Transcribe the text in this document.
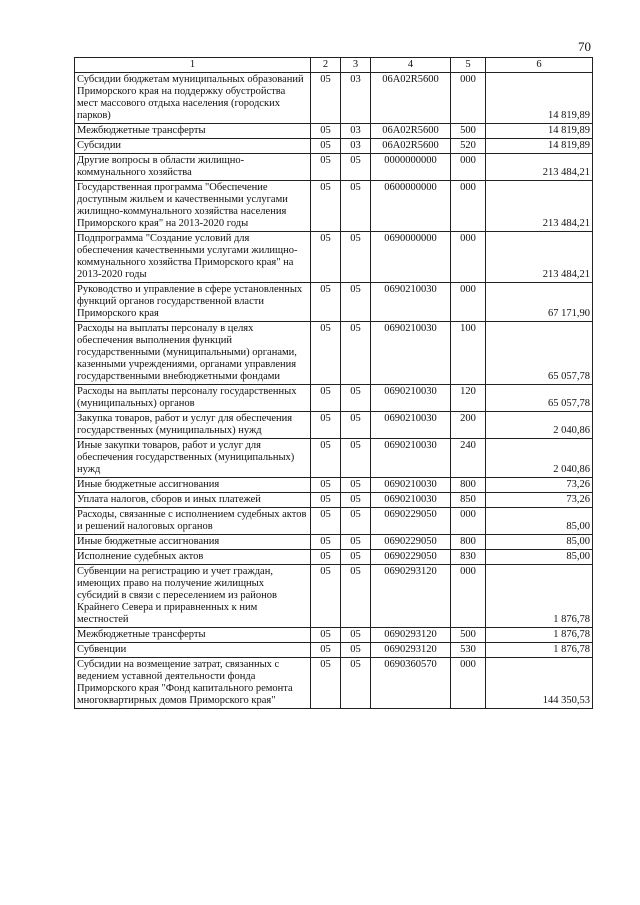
70
1	2	3	4	5	6
Субсидии бюджетам муниципальных образований Приморского края на поддержку обустройства мест массового отдыха населения (городских парков)	05	03	06А02R5600	000	14 819,89
Межбюджетные трансферты	05	03	06А02R5600	500	14 819,89
Субсидии	05	03	06А02R5600	520	14 819,89
Другие вопросы в области жилищно-коммунального хозяйства	05	05	0000000000	000	213 484,21
Государственная программа "Обеспечение доступным жильем и качественными услугами жилищно-коммунального хозяйства населения Приморского края" на 2013-2020 годы	05	05	0600000000	000	213 484,21
Подпрограмма "Создание условий для обеспечения качественными услугами жилищно-коммунального хозяйства Приморского края" на 2013-2020 годы	05	05	0690000000	000	213 484,21
Руководство и управление в сфере установленных функций органов государственной власти Приморского края	05	05	0690210030	000	67 171,90
Расходы на выплаты персоналу в целях обеспечения выполнения функций государственными (муниципальными) органами, казенными учреждениями, органами управления государственными внебюджетными фондами	05	05	0690210030	100	65 057,78
Расходы на выплаты персоналу государственных (муниципальных) органов	05	05	0690210030	120	65 057,78
Закупка товаров, работ и услуг для обеспечения государственных (муниципальных) нужд	05	05	0690210030	200	2 040,86
Иные закупки товаров, работ и услуг для обеспечения государственных (муниципальных) нужд	05	05	0690210030	240	2 040,86
Иные бюджетные ассигнования	05	05	0690210030	800	73,26
Уплата налогов, сборов и иных платежей	05	05	0690210030	850	73,26
Расходы, связанные с исполнением судебных актов и решений налоговых органов	05	05	0690229050	000	85,00
Иные бюджетные ассигнования	05	05	0690229050	800	85,00
Исполнение судебных актов	05	05	0690229050	830	85,00
Субвенции на регистрацию и учет граждан, имеющих право на получение жилищных субсидий в связи с переселением из районов Крайнего Севера и приравненных к ним местностей	05	05	0690293120	000	1 876,78
Межбюджетные трансферты	05	05	0690293120	500	1 876,78
Субвенции	05	05	0690293120	530	1 876,78
Субсидии на возмещение затрат, связанных с ведением уставной деятельности фонда Приморского края "Фонд капитального ремонта многоквартирных домов Приморского края"	05	05	0690360570	000	144 350,53
